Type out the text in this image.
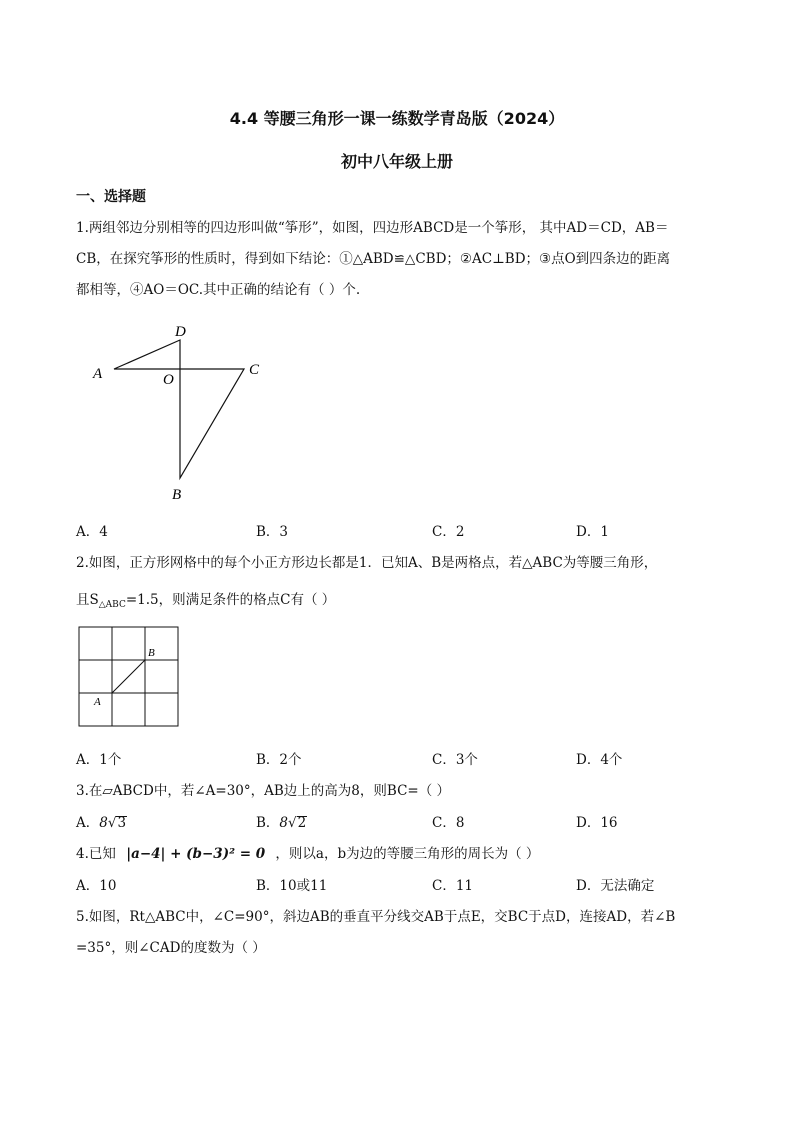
4.4 等腰三角形一课一练数学青岛版（2024）
初中八年级上册
一、选择题
1.两组邻边分别相等的四边形叫做“筝形”，如图，四边形ABCD是一个筝形， 其中AD＝CD，AB＝
CB，在探究筝形的性质时，得到如下结论：①△ABD≌△CBD；②AC⊥BD；③点O到四条边的距离
都相等，④AO＝OC.其中正确的结论有（ ）个.
D
A	O
C
B
A．4	B．3	C．2	D．1
2.如图，正方形网格中的每个小正方形边长都是1．已知A、B是两格点，若△ABC为等腰三角形，
且$S_{\triangle ABC}=1.5$，则满足条件的格点C有（ ）
B
A
A．1个	B．2个	C．3个	D．4个
3.在▱ABCD中，若∠A=30°，AB边上的高为8，则BC=（ ）
A．8√3	B．8√2	C．8	D．16
4.已知 |a−4| + (b−3)² = 0 ，则以a，b为边的等腰三角形的周长为（ ）
A．10	B．10或11	C．11	D．无法确定
5.如图，Rt△ABC中，∠C=90°，斜边AB的垂直平分线交AB于点E，交BC于点D，连接AD，若∠B
=35°，则∠CAD的度数为（ ）
